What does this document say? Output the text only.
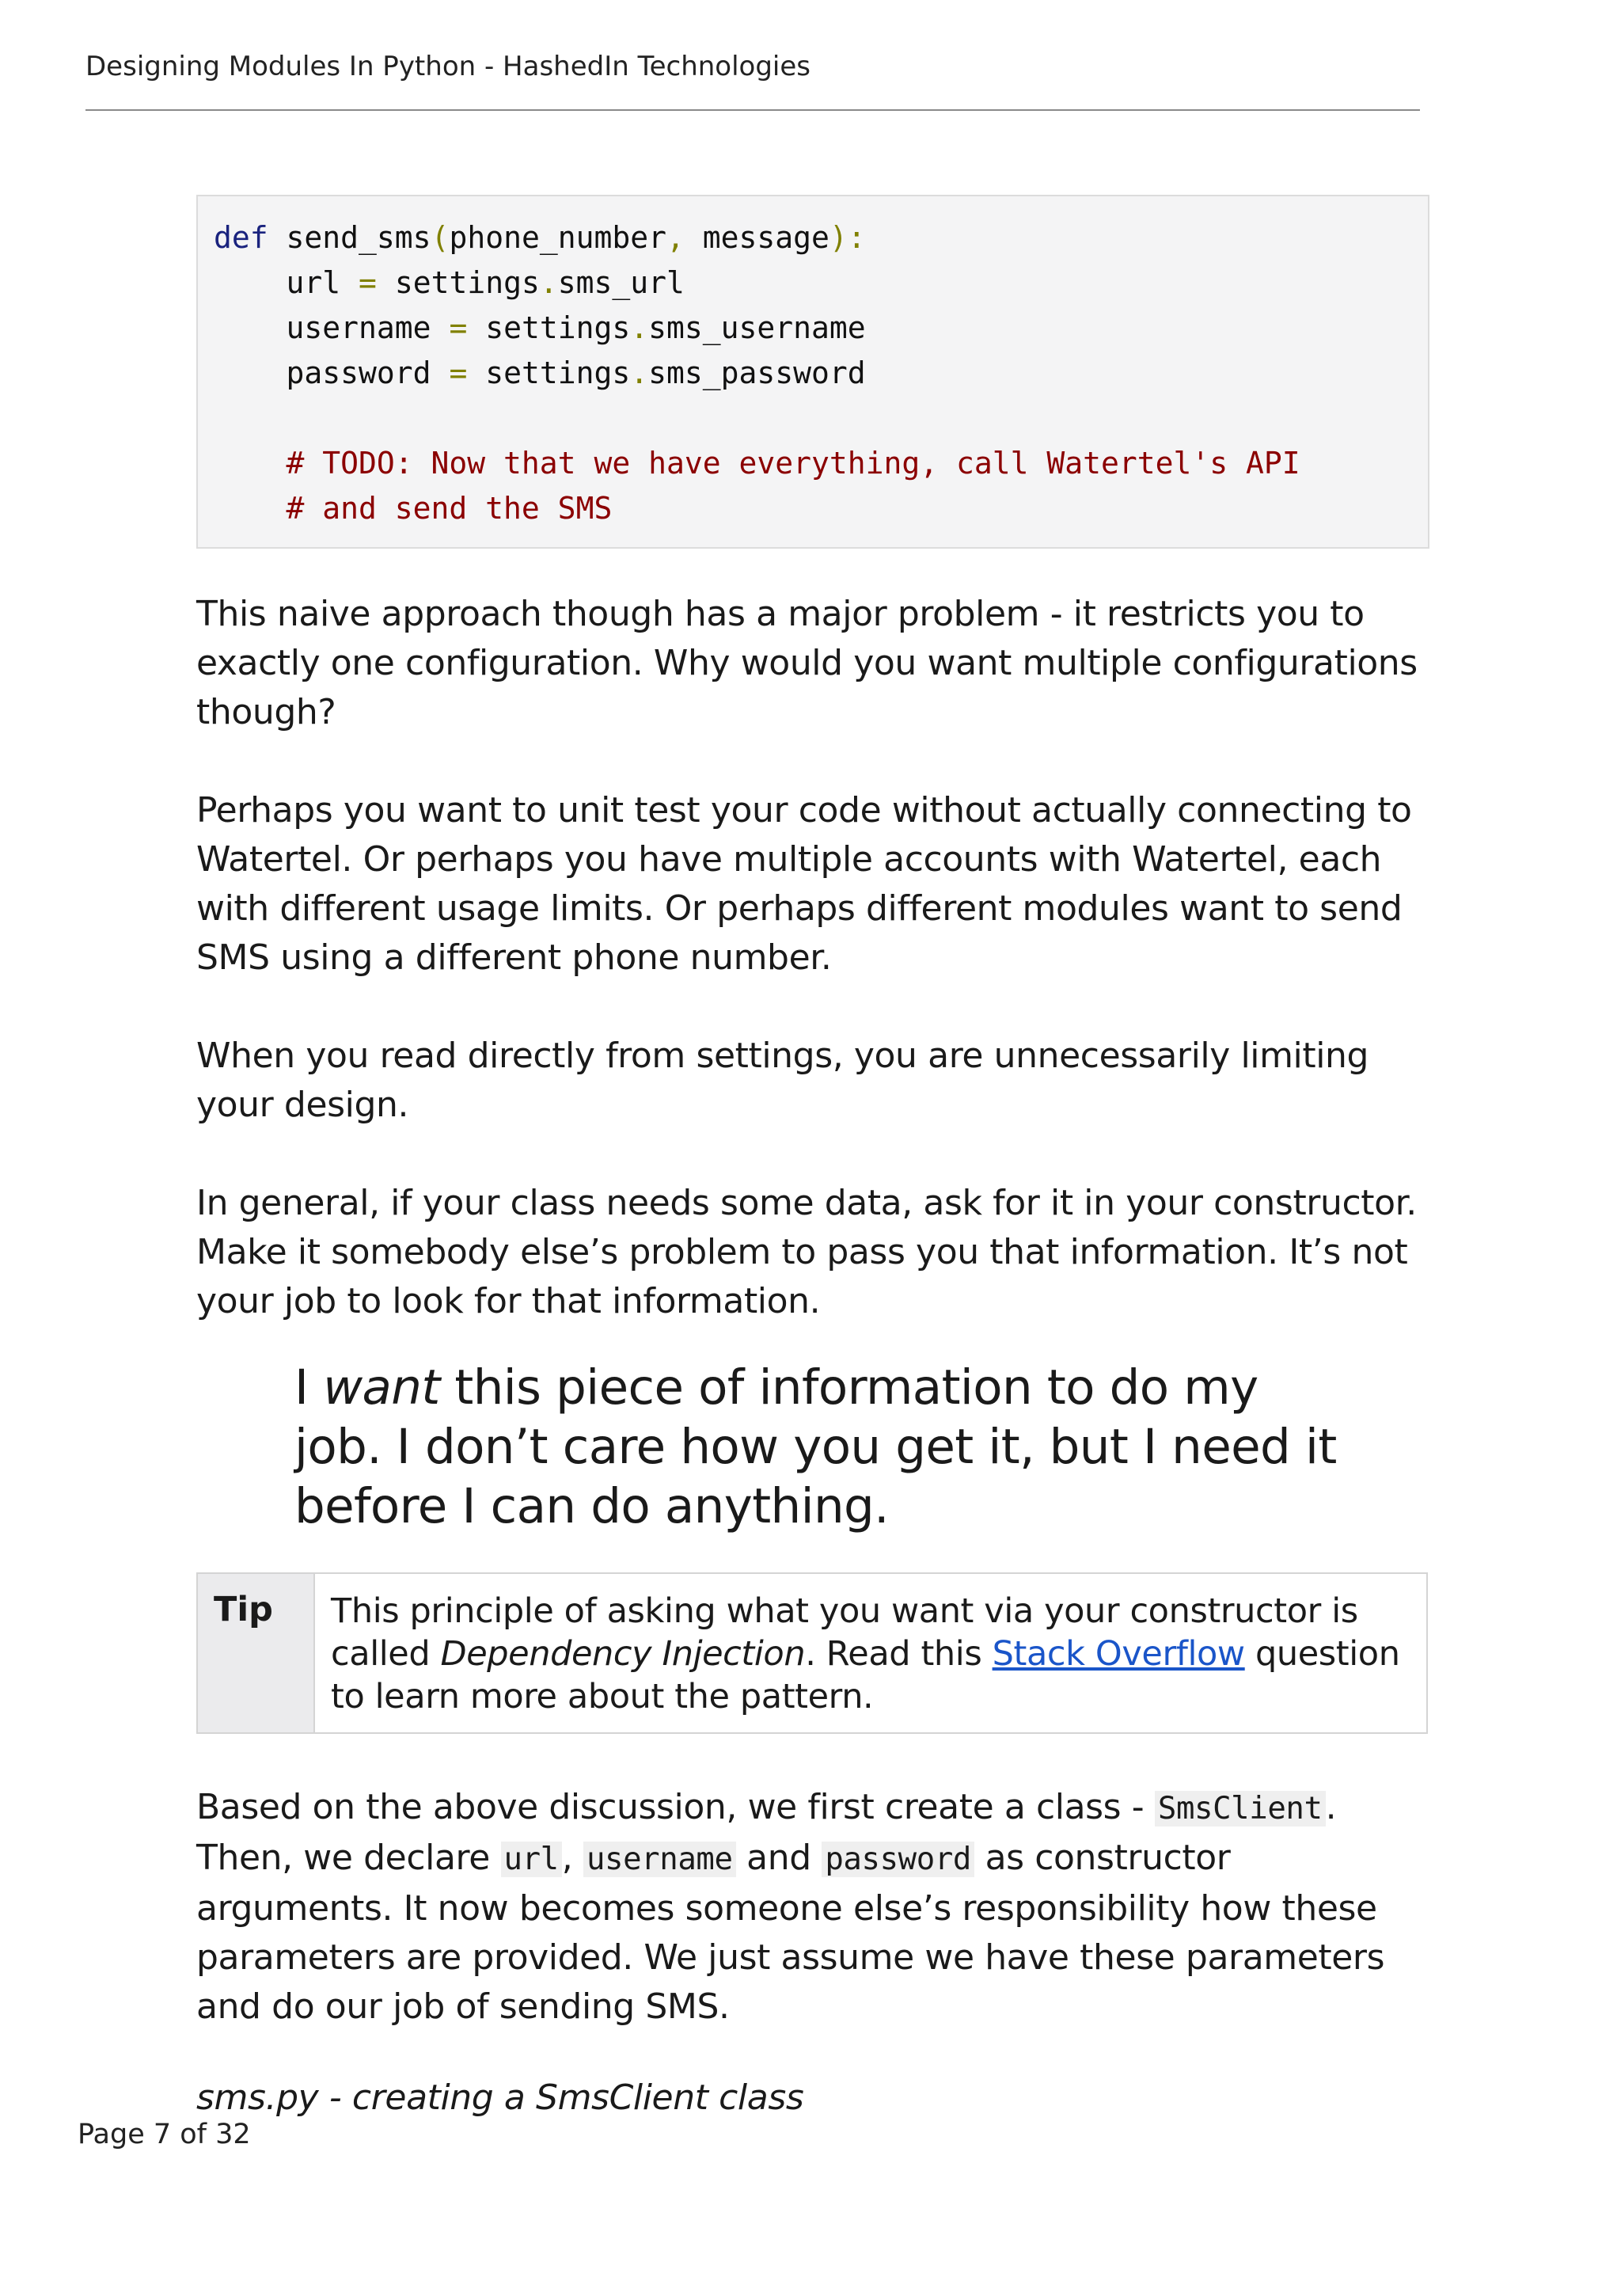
Designing Modules In Python - HashedIn Technologies
def send_sms(phone_number, message):
url = settings.sms_url
username = settings.sms_username
password = settings.sms_password

# TODO: Now that we have everything, call Watertel's API
# and send the SMS

This naive approach though has a major problem - it restricts you to exactly one configuration. Why would you want multiple configurations though?

Perhaps you want to unit test your code without actually connecting to Watertel. Or perhaps you have multiple accounts with Watertel, each with different usage limits. Or perhaps different modules want to send SMS using a different phone number.

When you read directly from settings, you are unnecessarily limiting your design.

In general, if your class needs some data, ask for it in your constructor. Make it somebody else’s problem to pass you that information. It’s not your job to look for that information.

I want this piece of information to do my job. I don’t care how you get it, but I need it before I can do anything.
Tip	This principle of asking what you want via your constructor is called Dependency Injection. Read this Stack Overflow question to learn more about the pattern.

Based on the above discussion, we first create a class - SmsClient. Then, we declare url, username and password as constructor arguments. It now becomes someone else’s responsibility how these parameters are provided. We just assume we have these parameters and do our job of sending SMS.

sms.py - creating a SmsClient class

Page 7 of 32
